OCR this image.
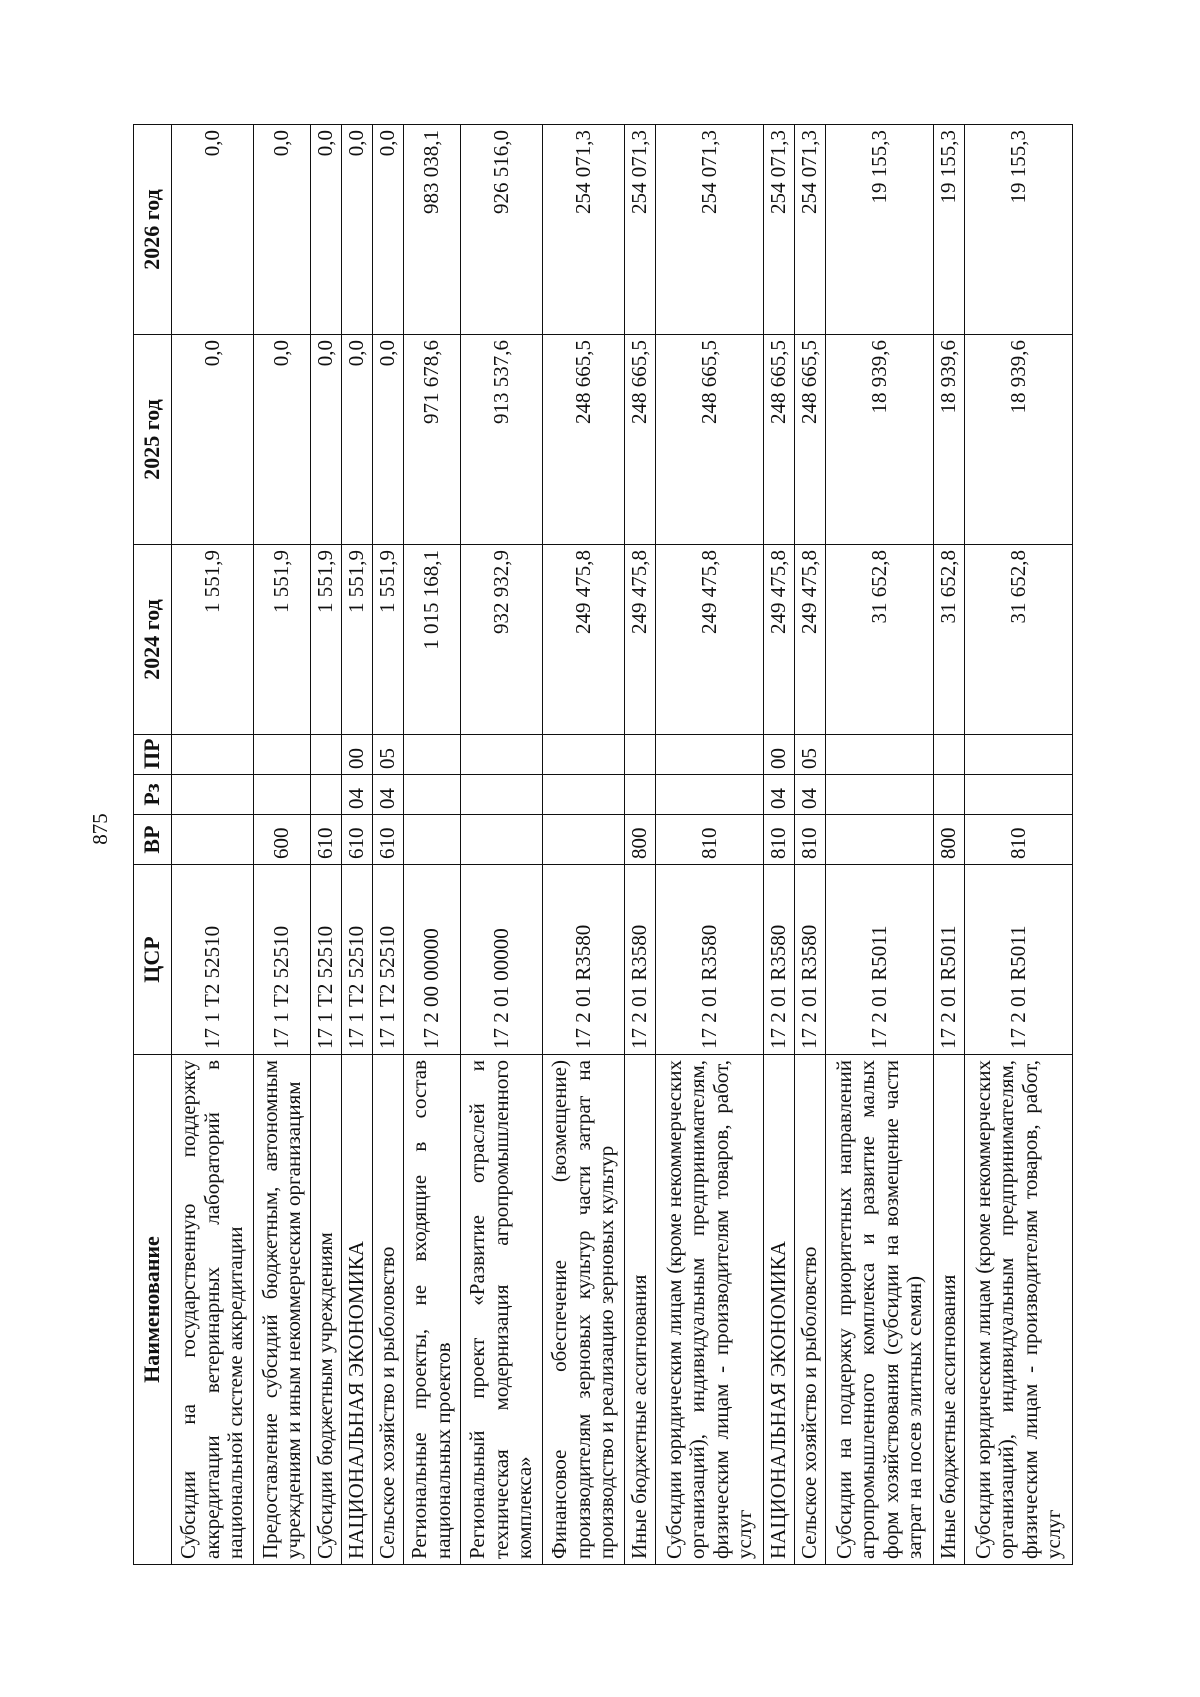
875
Наименование	ЦСР	ВР	Рз	ПР	2024 год	2025 год	2026 год
Субсидии на государственную поддержку аккредитации ветеринарных лабораторий в национальной системе аккредитации	17 1 Т2 52510				1 551,9	0,0	0,0
Предоставление субсидий бюджетным, автономным учреждениям и иным некоммерческим организациям	17 1 Т2 52510	600			1 551,9	0,0	0,0
Субсидии бюджетным учреждениям	17 1 Т2 52510	610			1 551,9	0,0	0,0
НАЦИОНАЛЬНАЯ ЭКОНОМИКА	17 1 Т2 52510	610	04	00	1 551,9	0,0	0,0
Сельское хозяйство и рыболовство	17 1 Т2 52510	610	04	05	1 551,9	0,0	0,0
Региональные проекты, не входящие в состав национальных проектов	17 2 00 00000				1 015 168,1	971 678,6	983 038,1
Региональный проект «Развитие отраслей и техническая модернизация агропромышленного комплекса»	17 2 01 00000				932 932,9	913 537,6	926 516,0
Финансовое обеспечение (возмещение) производителям зерновых культур части затрат на производство и реализацию зерновых культур	17 2 01 R3580				249 475,8	248 665,5	254 071,3
Иные бюджетные ассигнования	17 2 01 R3580	800			249 475,8	248 665,5	254 071,3
Субсидии юридическим лицам (кроме некоммерческих организаций), индивидуальным предпринимателям, физическим лицам - производителям товаров, работ, услуг	17 2 01 R3580	810			249 475,8	248 665,5	254 071,3
НАЦИОНАЛЬНАЯ ЭКОНОМИКА	17 2 01 R3580	810	04	00	249 475,8	248 665,5	254 071,3
Сельское хозяйство и рыболовство	17 2 01 R3580	810	04	05	249 475,8	248 665,5	254 071,3
Субсидии на поддержку приоритетных направлений агропромышленного комплекса и развитие малых форм хозяйствования (субсидии на возмещение части затрат на посев элитных семян)	17 2 01 R5011				31 652,8	18 939,6	19 155,3
Иные бюджетные ассигнования	17 2 01 R5011	800			31 652,8	18 939,6	19 155,3
Субсидии юридическим лицам (кроме некоммерческих организаций), индивидуальным предпринимателям, физическим лицам - производителям товаров, работ, услуг	17 2 01 R5011	810			31 652,8	18 939,6	19 155,3
